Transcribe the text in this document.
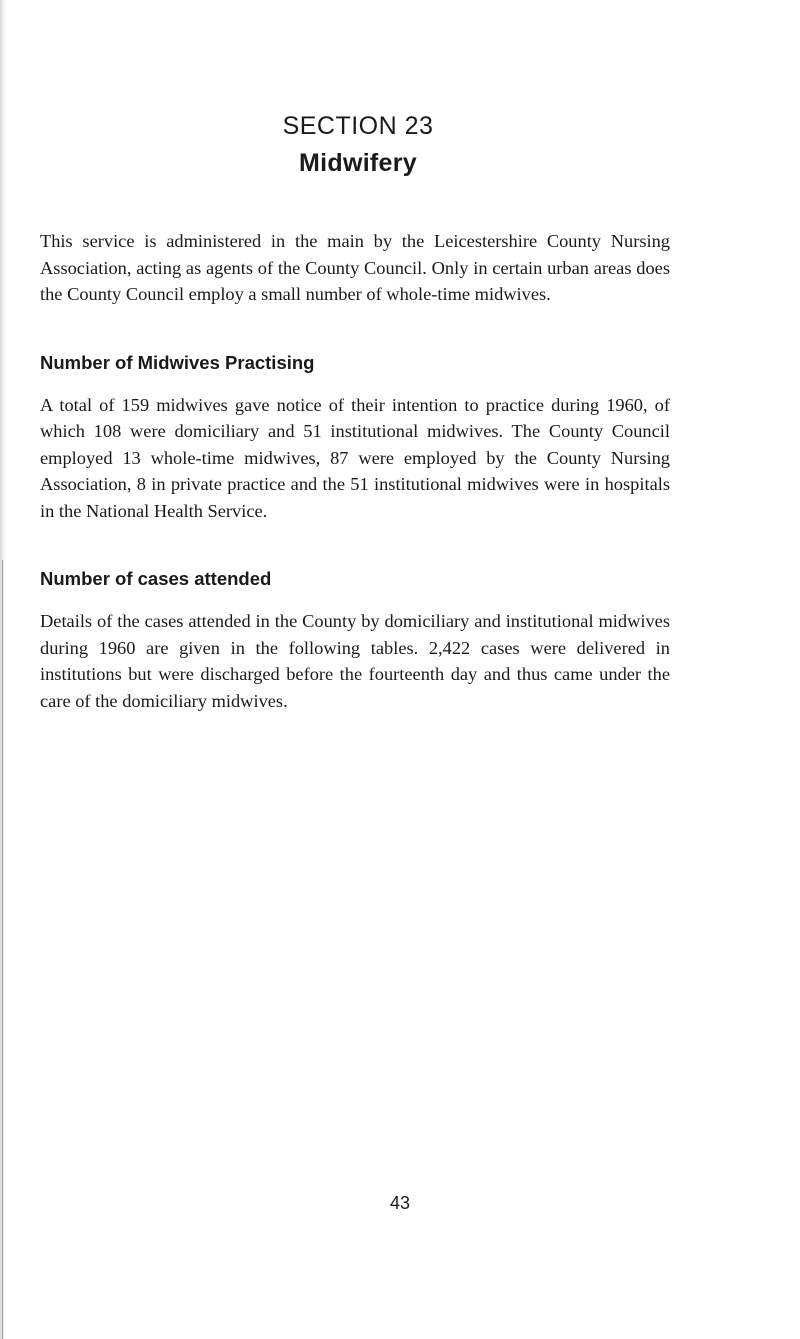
SECTION 23
Midwifery

This service is administered in the main by the Leicestershire County Nursing Association, acting as agents of the County Council. Only in certain urban areas does the County Council employ a small number of whole-time midwives.

Number of Midwives Practising

A total of 159 midwives gave notice of their intention to practice during 1960, of which 108 were domiciliary and 51 institutional midwives. The County Council employed 13 whole-time midwives, 87 were employed by the County Nursing Association, 8 in private practice and the 51 institutional midwives were in hospitals in the National Health Service.

Number of cases attended

Details of the cases attended in the County by domiciliary and institutional midwives during 1960 are given in the following tables. 2,422 cases were delivered in institutions but were discharged before the fourteenth day and thus came under the care of the domiciliary midwives.

43
